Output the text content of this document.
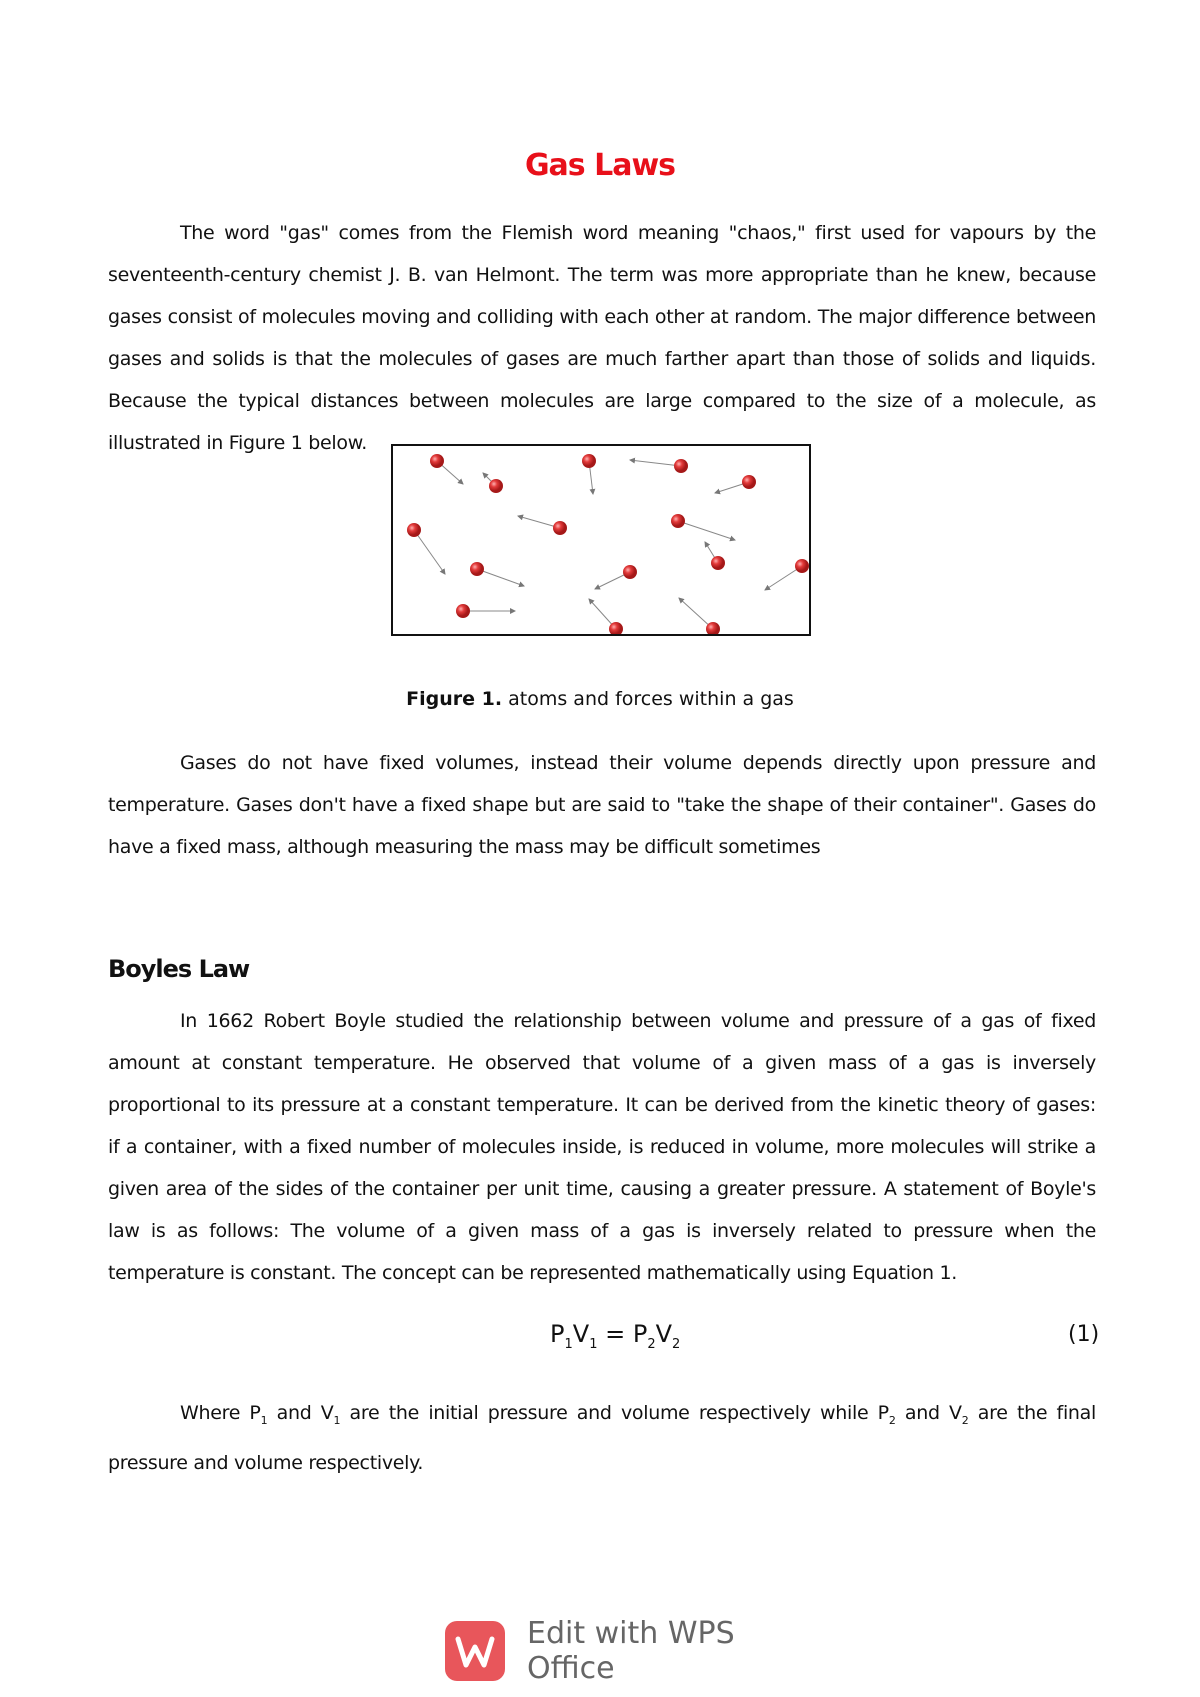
Gas Laws

The word "gas" comes from the Flemish word meaning "chaos," first used for vapours by the seventeenth-century chemist J. B. van Helmont. The term was more appropriate than he knew, because gases consist of molecules moving and colliding with each other at random. The major difference between gases and solids is that the molecules of gases are much farther apart than those of solids and liquids. Because the typical distances between molecules are large compared to the size of a molecule, as illustrated in Figure 1 below.

Figure 1. atoms and forces within a gas

Gases do not have fixed volumes, instead their volume depends directly upon pressure and temperature. Gases don't have a fixed shape but are said to "take the shape of their container". Gases do have a fixed mass, although measuring the mass may be difficult sometimes

Boyles Law

In 1662 Robert Boyle studied the relationship between volume and pressure of a gas of fixed amount at constant temperature. He observed that volume of a given mass of a gas is inversely proportional to its pressure at a constant temperature. It can be derived from the kinetic theory of gases: if a container, with a fixed number of molecules inside, is reduced in volume, more molecules will strike a given area of the sides of the container per unit time, causing a greater pressure. A statement of Boyle's law is as follows: The volume of a given mass of a gas is inversely related to pressure when the temperature is constant. The concept can be represented mathematically using Equation 1.

$P_1V_1 = P_2V_2$	(1)

Where $P_1$ and $V_1$ are the initial pressure and volume respectively while $P_2$ and $V_2$ are the final pressure and volume respectively.

Edit with WPS Office
